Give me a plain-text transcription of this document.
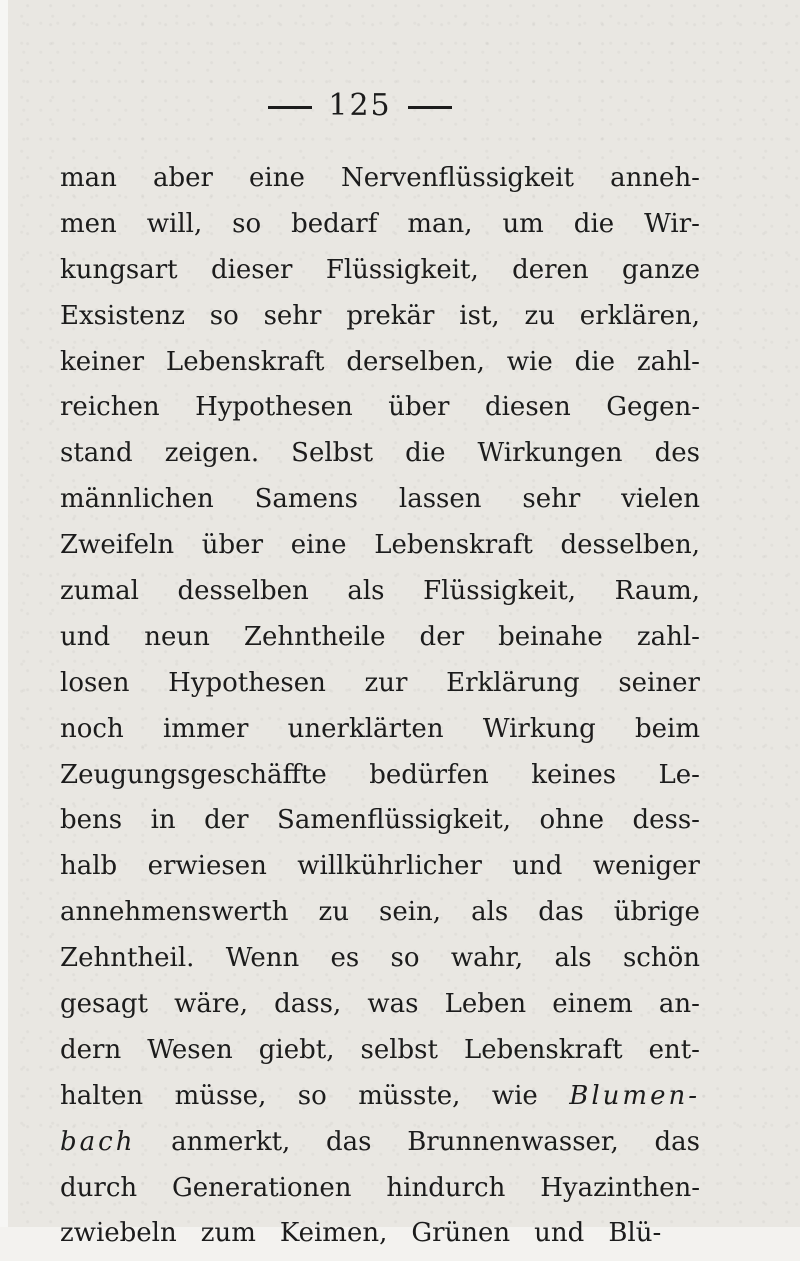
125
man aber eine Nervenflüssigkeit anneh-
men will, so bedarf man, um die Wir-
kungsart dieser Flüssigkeit, deren ganze
Exsistenz so sehr prekär ist, zu erklären,
keiner Lebenskraft derselben, wie die zahl-
reichen Hypothesen über diesen Gegen-
stand zeigen. Selbst die Wirkungen des
männlichen Samens lassen sehr vielen
Zweifeln über eine Lebenskraft desselben,
zumal desselben als Flüssigkeit, Raum,
und neun Zehntheile der beinahe zahl-
losen Hypothesen zur Erklärung seiner
noch immer unerklärten Wirkung beim
Zeugungsgeschäffte bedürfen keines Le-
bens in der Samenflüssigkeit, ohne dess-
halb erwiesen willkührlicher und weniger
annehmenswerth zu sein, als das übrige
Zehntheil. Wenn es so wahr, als schön
gesagt wäre, dass, was Leben einem an-
dern Wesen giebt, selbst Lebenskraft ent-
halten müsse, so müsste, wie Blumen-
bach anmerkt, das Brunnenwasser, das
durch Generationen hindurch Hyazinthen-
zwiebeln zum Keimen, Grünen und Blü-
